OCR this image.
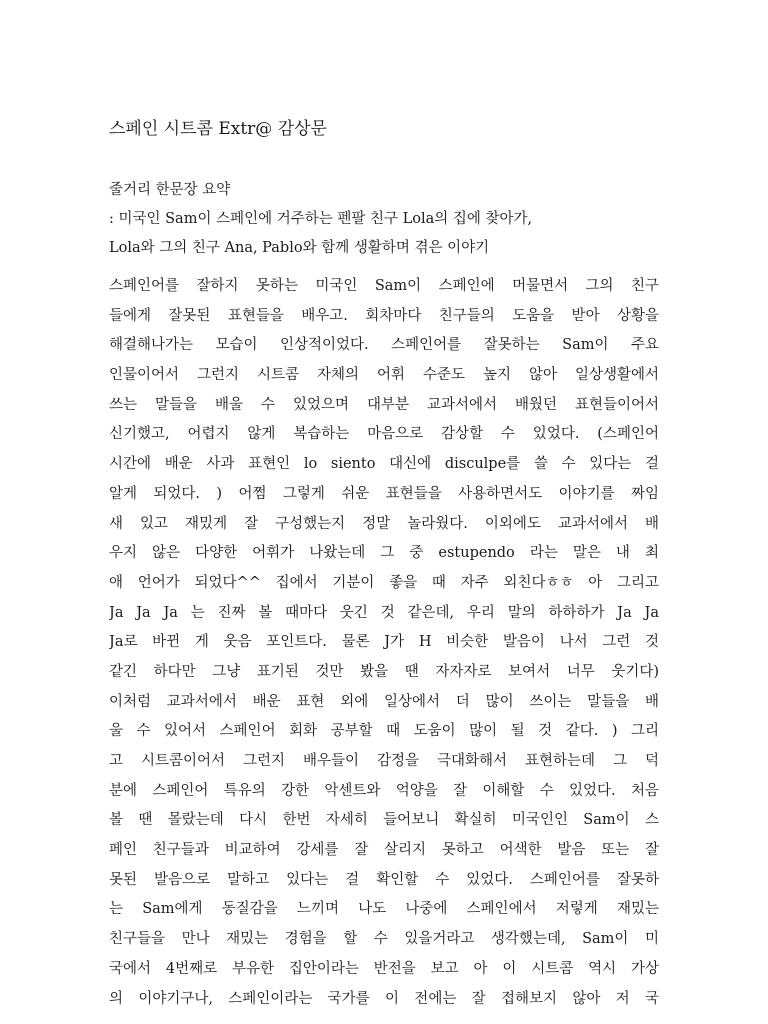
스페인 시트콤 Extr@ 감상문
줄거리 한문장 요약
: 미국인 Sam이 스페인에 거주하는 펜팔 친구 Lola의 집에 찾아가,
Lola와 그의 친구 Ana, Pablo와 함께 생활하며 겪은 이야기
스페인어를 잘하지 못하는 미국인 Sam이 스페인에 머물면서 그의 친구
들에게 잘못된 표현들을 배우고. 회차마다 친구들의 도움을 받아 상황을
해결해나가는 모습이 인상적이었다. 스페인어를 잘못하는 Sam이 주요
인물이어서 그런지 시트콤 자체의 어휘 수준도 높지 않아 일상생활에서
쓰는 말들을 배울 수 있었으며 대부분 교과서에서 배웠던 표현들이어서
신기했고, 어렵지 않게 복습하는 마음으로 감상할 수 있었다. (스페인어
시간에 배운 사과 표현인 lo siento 대신에 disculpe를 쓸 수 있다는 걸
알게 되었다. ) 어쩜 그렇게 쉬운 표현들을 사용하면서도 이야기를 짜임
새 있고 재밌게 잘 구성했는지 정말 놀라웠다. 이외에도 교과서에서 배
우지 않은 다양한 어휘가 나왔는데 그 중 estupendo 라는 말은 내 최
애 언어가 되었다^^ 집에서 기분이 좋을 때 자주 외친다ㅎㅎ 아 그리고
Ja Ja Ja 는 진짜 볼 때마다 웃긴 것 같은데, 우리 말의 하하하가 Ja Ja
Ja로 바뀐 게 웃음 포인트다. 물론 J가 H 비슷한 발음이 나서 그런 것
같긴 하다만 그냥 표기된 것만 봤을 땐 자자자로 보여서 너무 웃기다)
이처럼 교과서에서 배운 표현 외에 일상에서 더 많이 쓰이는 말들을 배
울 수 있어서 스페인어 회화 공부할 때 도움이 많이 될 것 같다. ) 그리
고 시트콤이어서 그런지 배우들이 감정을 극대화해서 표현하는데 그 덕
분에 스페인어 특유의 강한 악센트와 억양을 잘 이해할 수 있었다. 처음
볼 땐 몰랐는데 다시 한번 자세히 들어보니 확실히 미국인인 Sam이 스
페인 친구들과 비교하여 강세를 잘 살리지 못하고 어색한 발음 또는 잘
못된 발음으로 말하고 있다는 걸 확인할 수 있었다. 스페인어를 잘못하
는 Sam에게 동질감을 느끼며 나도 나중에 스페인에서 저렇게 재밌는
친구들을 만나 재밌는 경험을 할 수 있을거라고 생각했는데, Sam이 미
국에서 4번째로 부유한 집안이라는 반전을 보고 아 이 시트콤 역시 가상
의 이야기구나, 스페인이라는 국가를 이 전에는 잘 접해보지 않아 저 국
